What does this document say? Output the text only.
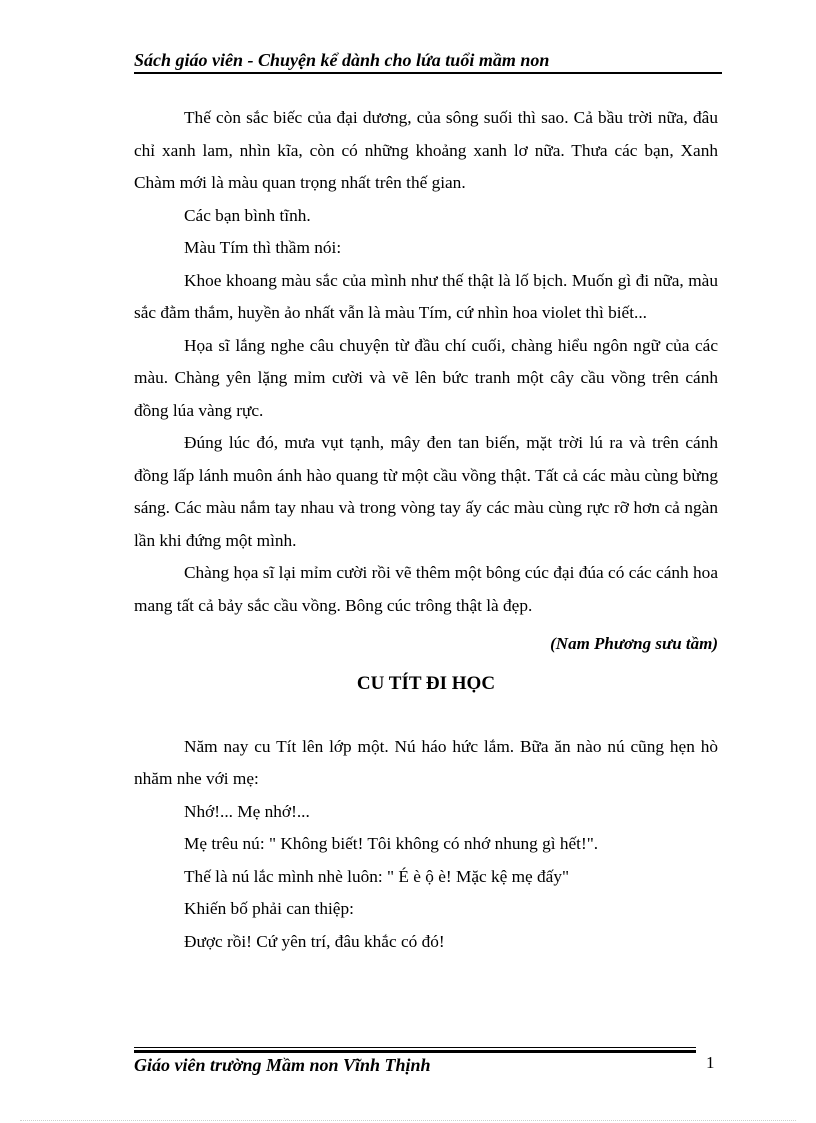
Sách giáo viên - Chuyện kể dành cho lứa tuổi mầm non

Thế còn sắc biếc của đại dương, của sông suối thì sao. Cả bầu trời nữa, đâu chỉ xanh lam, nhìn kĩa, còn có những khoảng xanh lơ nữa. Thưa các bạn, Xanh Chàm mới là màu quan trọng nhất trên thế gian.

Các bạn bình tĩnh.

Màu Tím thì thầm nói:

Khoe khoang màu sắc của mình như thế thật là lố bịch. Muốn gì đi nữa, màu sắc đằm thắm, huyền ảo nhất vẫn là màu Tím, cứ nhìn hoa violet thì biết...

Họa sĩ lắng nghe câu chuyện từ đầu chí cuối, chàng hiểu ngôn ngữ của các màu. Chàng yên lặng mỉm cười và vẽ lên bức tranh một cây cầu vồng trên cánh đồng lúa vàng rực.

Đúng lúc đó, mưa vụt tạnh, mây đen tan biến, mặt trời lú ra và trên cánh đồng lấp lánh muôn ánh hào quang từ một cầu vồng thật. Tất cả các màu cùng bừng sáng. Các màu nắm tay nhau và trong vòng tay ấy các màu cùng rực rỡ hơn cả ngàn lần khi đứng một mình.

Chàng họa sĩ lại mỉm cười rồi vẽ thêm một bông cúc đại đúa có các cánh hoa mang tất cả bảy sắc cầu vồng. Bông cúc trông thật là đẹp.

(Nam Phương sưu tầm)

CU TÍT ĐI HỌC

Năm nay cu Tít lên lớp một. Nú háo hức lắm. Bữa ăn nào nú cũng hẹn hò nhăm nhe với mẹ:

Nhớ!... Mẹ nhớ!...

Mẹ trêu nú: " Không biết! Tôi không có nhớ nhung gì hết!".

Thế là nú lắc mình nhè luôn: " É è ộ è! Mặc kệ mẹ đấy"

Khiến bố phải can thiệp:

Được rồi! Cứ yên trí, đâu khắc có đó!

Giáo viên trường Mầm non Vĩnh Thịnh	1
